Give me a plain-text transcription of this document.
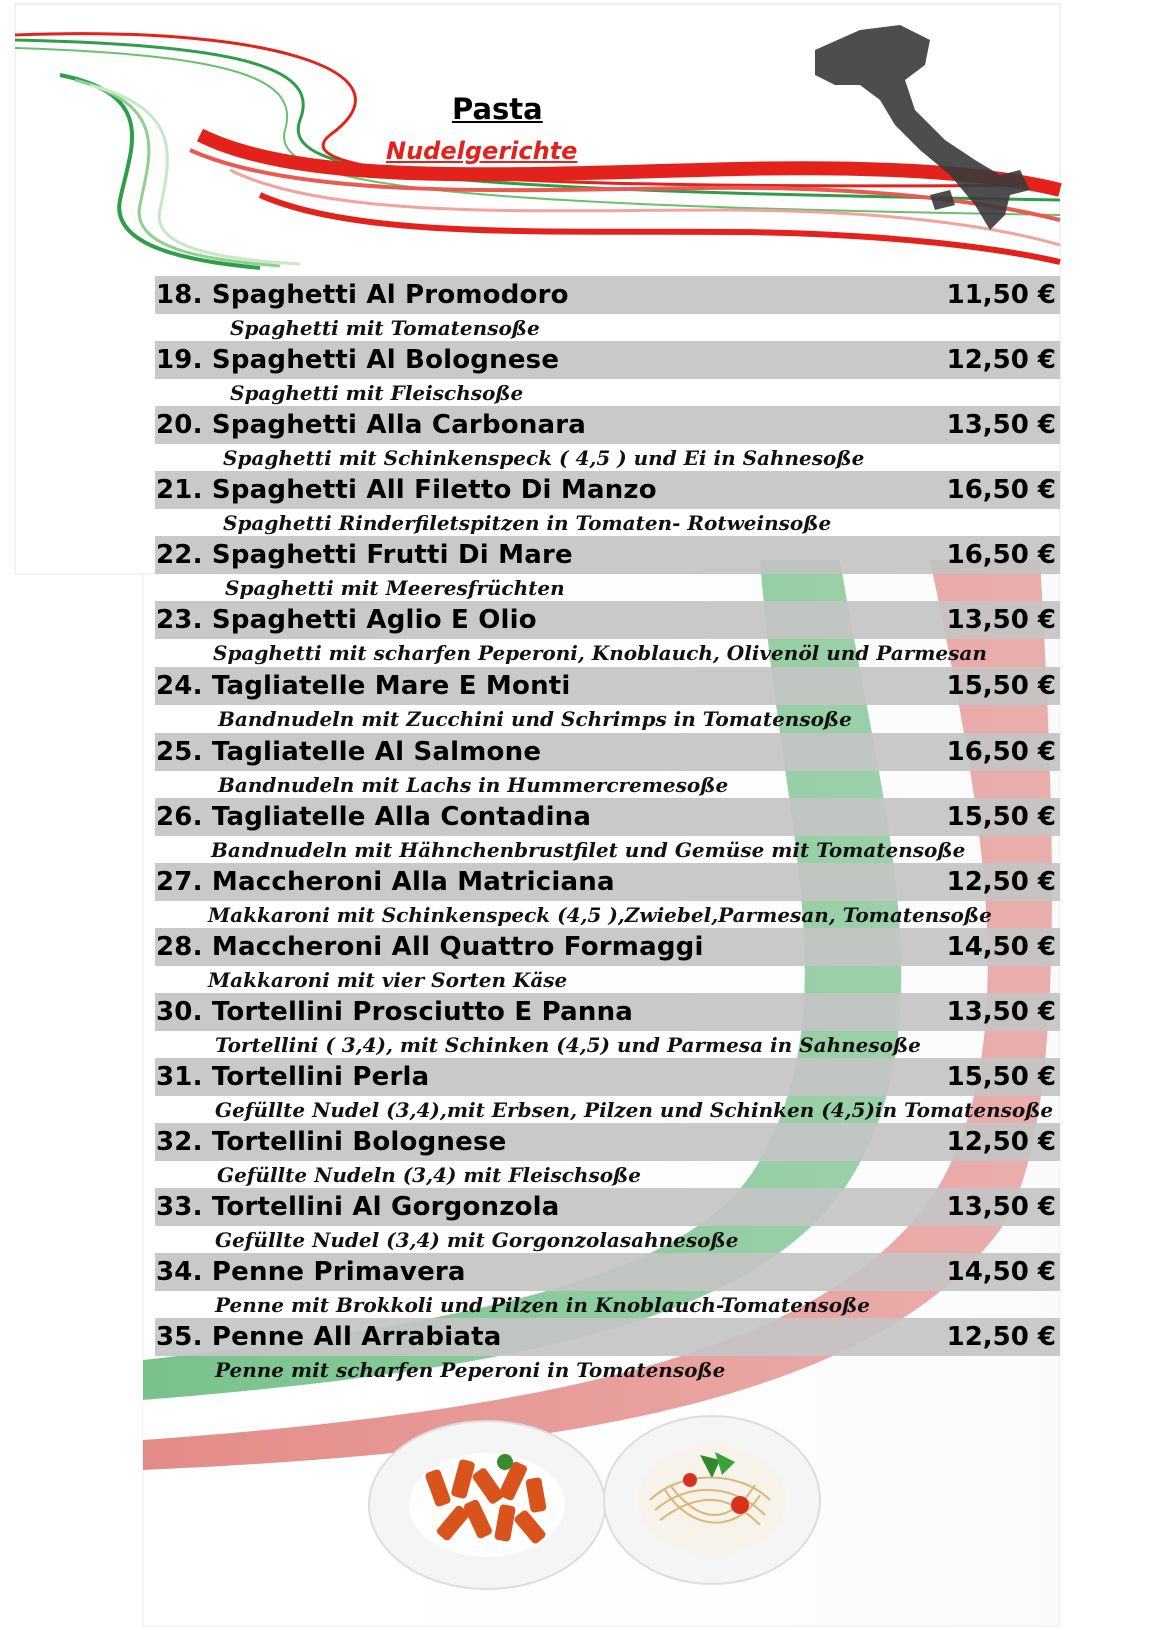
Pasta
Nudelgerichte
18. Spaghetti Al Promodoro	11,50 €
Spaghetti mit Tomatensoße
19. Spaghetti Al Bolognese	12,50 €
Spaghetti mit Fleischsoße
20. Spaghetti Alla Carbonara	13,50 €
Spaghetti mit Schinkenspeck ( 4,5 ) und Ei in Sahnesoße
21. Spaghetti All Filetto Di Manzo	16,50 €
Spaghetti Rinderfiletspitzen in Tomaten- Rotweinsoße
22. Spaghetti Frutti Di Mare	16,50 €
Spaghetti mit Meeresfrüchten
23. Spaghetti Aglio E Olio	13,50 €
Spaghetti mit scharfen Peperoni, Knoblauch, Olivenöl und Parmesan
24. Tagliatelle Mare E Monti	15,50 €
Bandnudeln mit Zucchini und Schrimps in Tomatensoße
25. Tagliatelle Al Salmone	16,50 €
Bandnudeln mit Lachs in Hummercremesoße
26. Tagliatelle Alla Contadina	15,50 €
Bandnudeln mit Hähnchenbrustfilet und Gemüse mit Tomatensoße
27. Maccheroni Alla Matriciana	12,50 €
Makkaroni mit Schinkenspeck (4,5 ),Zwiebel,Parmesan, Tomatensoße
28. Maccheroni All Quattro Formaggi	14,50 €
Makkaroni mit vier Sorten Käse
30. Tortellini Prosciutto E Panna	13,50 €
Tortellini ( 3,4), mit Schinken (4,5) und Parmesa in Sahnesoße
31. Tortellini Perla	15,50 €
Gefüllte Nudel (3,4),mit Erbsen, Pilzen und Schinken (4,5)in Tomatensoße
32. Tortellini Bolognese	12,50 €
Gefüllte Nudeln (3,4) mit Fleischsoße
33. Tortellini Al Gorgonzola	13,50 €
Gefüllte Nudel (3,4) mit Gorgonzolasahnesoße
34. Penne Primavera	14,50 €
Penne mit Brokkoli und Pilzen in Knoblauch-Tomatensoße
35. Penne All Arrabiata	12,50 €
Penne mit scharfen Peperoni in Tomatensoße
